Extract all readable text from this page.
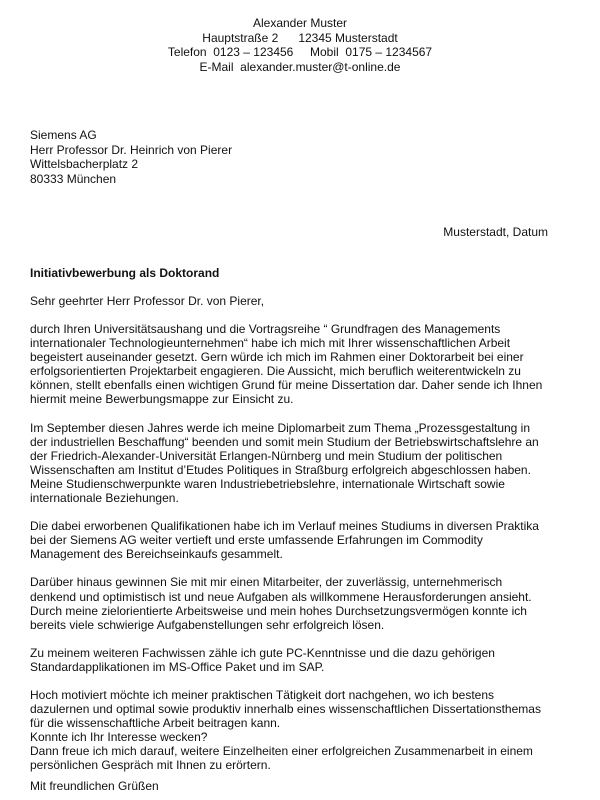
Alexander Muster
Hauptstraße 2      12345 Musterstadt
Telefon  0123 – 123456     Mobil  0175 – 1234567
E-Mail  alexander.muster@t-online.de
Siemens AG
Herr Professor Dr. Heinrich von Pierer
Wittelsbacherplatz 2
80333 München
Musterstadt, Datum
Initiativbewerbung als Doktorand
Sehr geehrter Herr Professor Dr. von Pierer,
durch Ihren Universitätsaushang und die Vortragsreihe “ Grundfragen des Managements
internationaler Technologieunternehmen“ habe ich mich mit Ihrer wissenschaftlichen Arbeit
begeistert auseinander gesetzt. Gern würde ich mich im Rahmen einer Doktorarbeit bei einer
erfolgsorientierten Projektarbeit engagieren. Die Aussicht, mich beruflich weiterentwickeln zu
können, stellt ebenfalls einen wichtigen Grund für meine Dissertation dar. Daher sende ich Ihnen
hiermit meine Bewerbungsmappe zur Einsicht zu.
Im September diesen Jahres werde ich meine Diplomarbeit zum Thema „Prozessgestaltung in
der industriellen Beschaffung“ beenden und somit mein Studium der Betriebswirtschaftslehre an
der Friedrich-Alexander-Universität Erlangen-Nürnberg und mein Studium der politischen
Wissenschaften am Institut d’Etudes Politiques in Straßburg erfolgreich abgeschlossen haben.
Meine Studienschwerpunkte waren Industriebetriebslehre, internationale Wirtschaft sowie
internationale Beziehungen.
Die dabei erworbenen Qualifikationen habe ich im Verlauf meines Studiums in diversen Praktika
bei der Siemens AG weiter vertieft und erste umfassende Erfahrungen im Commodity
Management des Bereichseinkaufs gesammelt.
Darüber hinaus gewinnen Sie mit mir einen Mitarbeiter, der zuverlässig, unternehmerisch
denkend und optimistisch ist und neue Aufgaben als willkommene Herausforderungen ansieht.
Durch meine zielorientierte Arbeitsweise und mein hohes Durchsetzungsvermögen konnte ich
bereits viele schwierige Aufgabenstellungen sehr erfolgreich lösen.
Zu meinem weiteren Fachwissen zähle ich gute PC-Kenntnisse und die dazu gehörigen
Standardapplikationen im MS-Office Paket und im SAP.
Hoch motiviert möchte ich meiner praktischen Tätigkeit dort nachgehen, wo ich bestens
dazulernen und optimal sowie produktiv innerhalb eines wissenschaftlichen Dissertationsthemas
für die wissenschaftliche Arbeit beitragen kann.
Konnte ich Ihr Interesse wecken?
Dann freue ich mich darauf, weitere Einzelheiten einer erfolgreichen Zusammenarbeit in einem
persönlichen Gespräch mit Ihnen zu erörtern.
Mit freundlichen Grüßen
